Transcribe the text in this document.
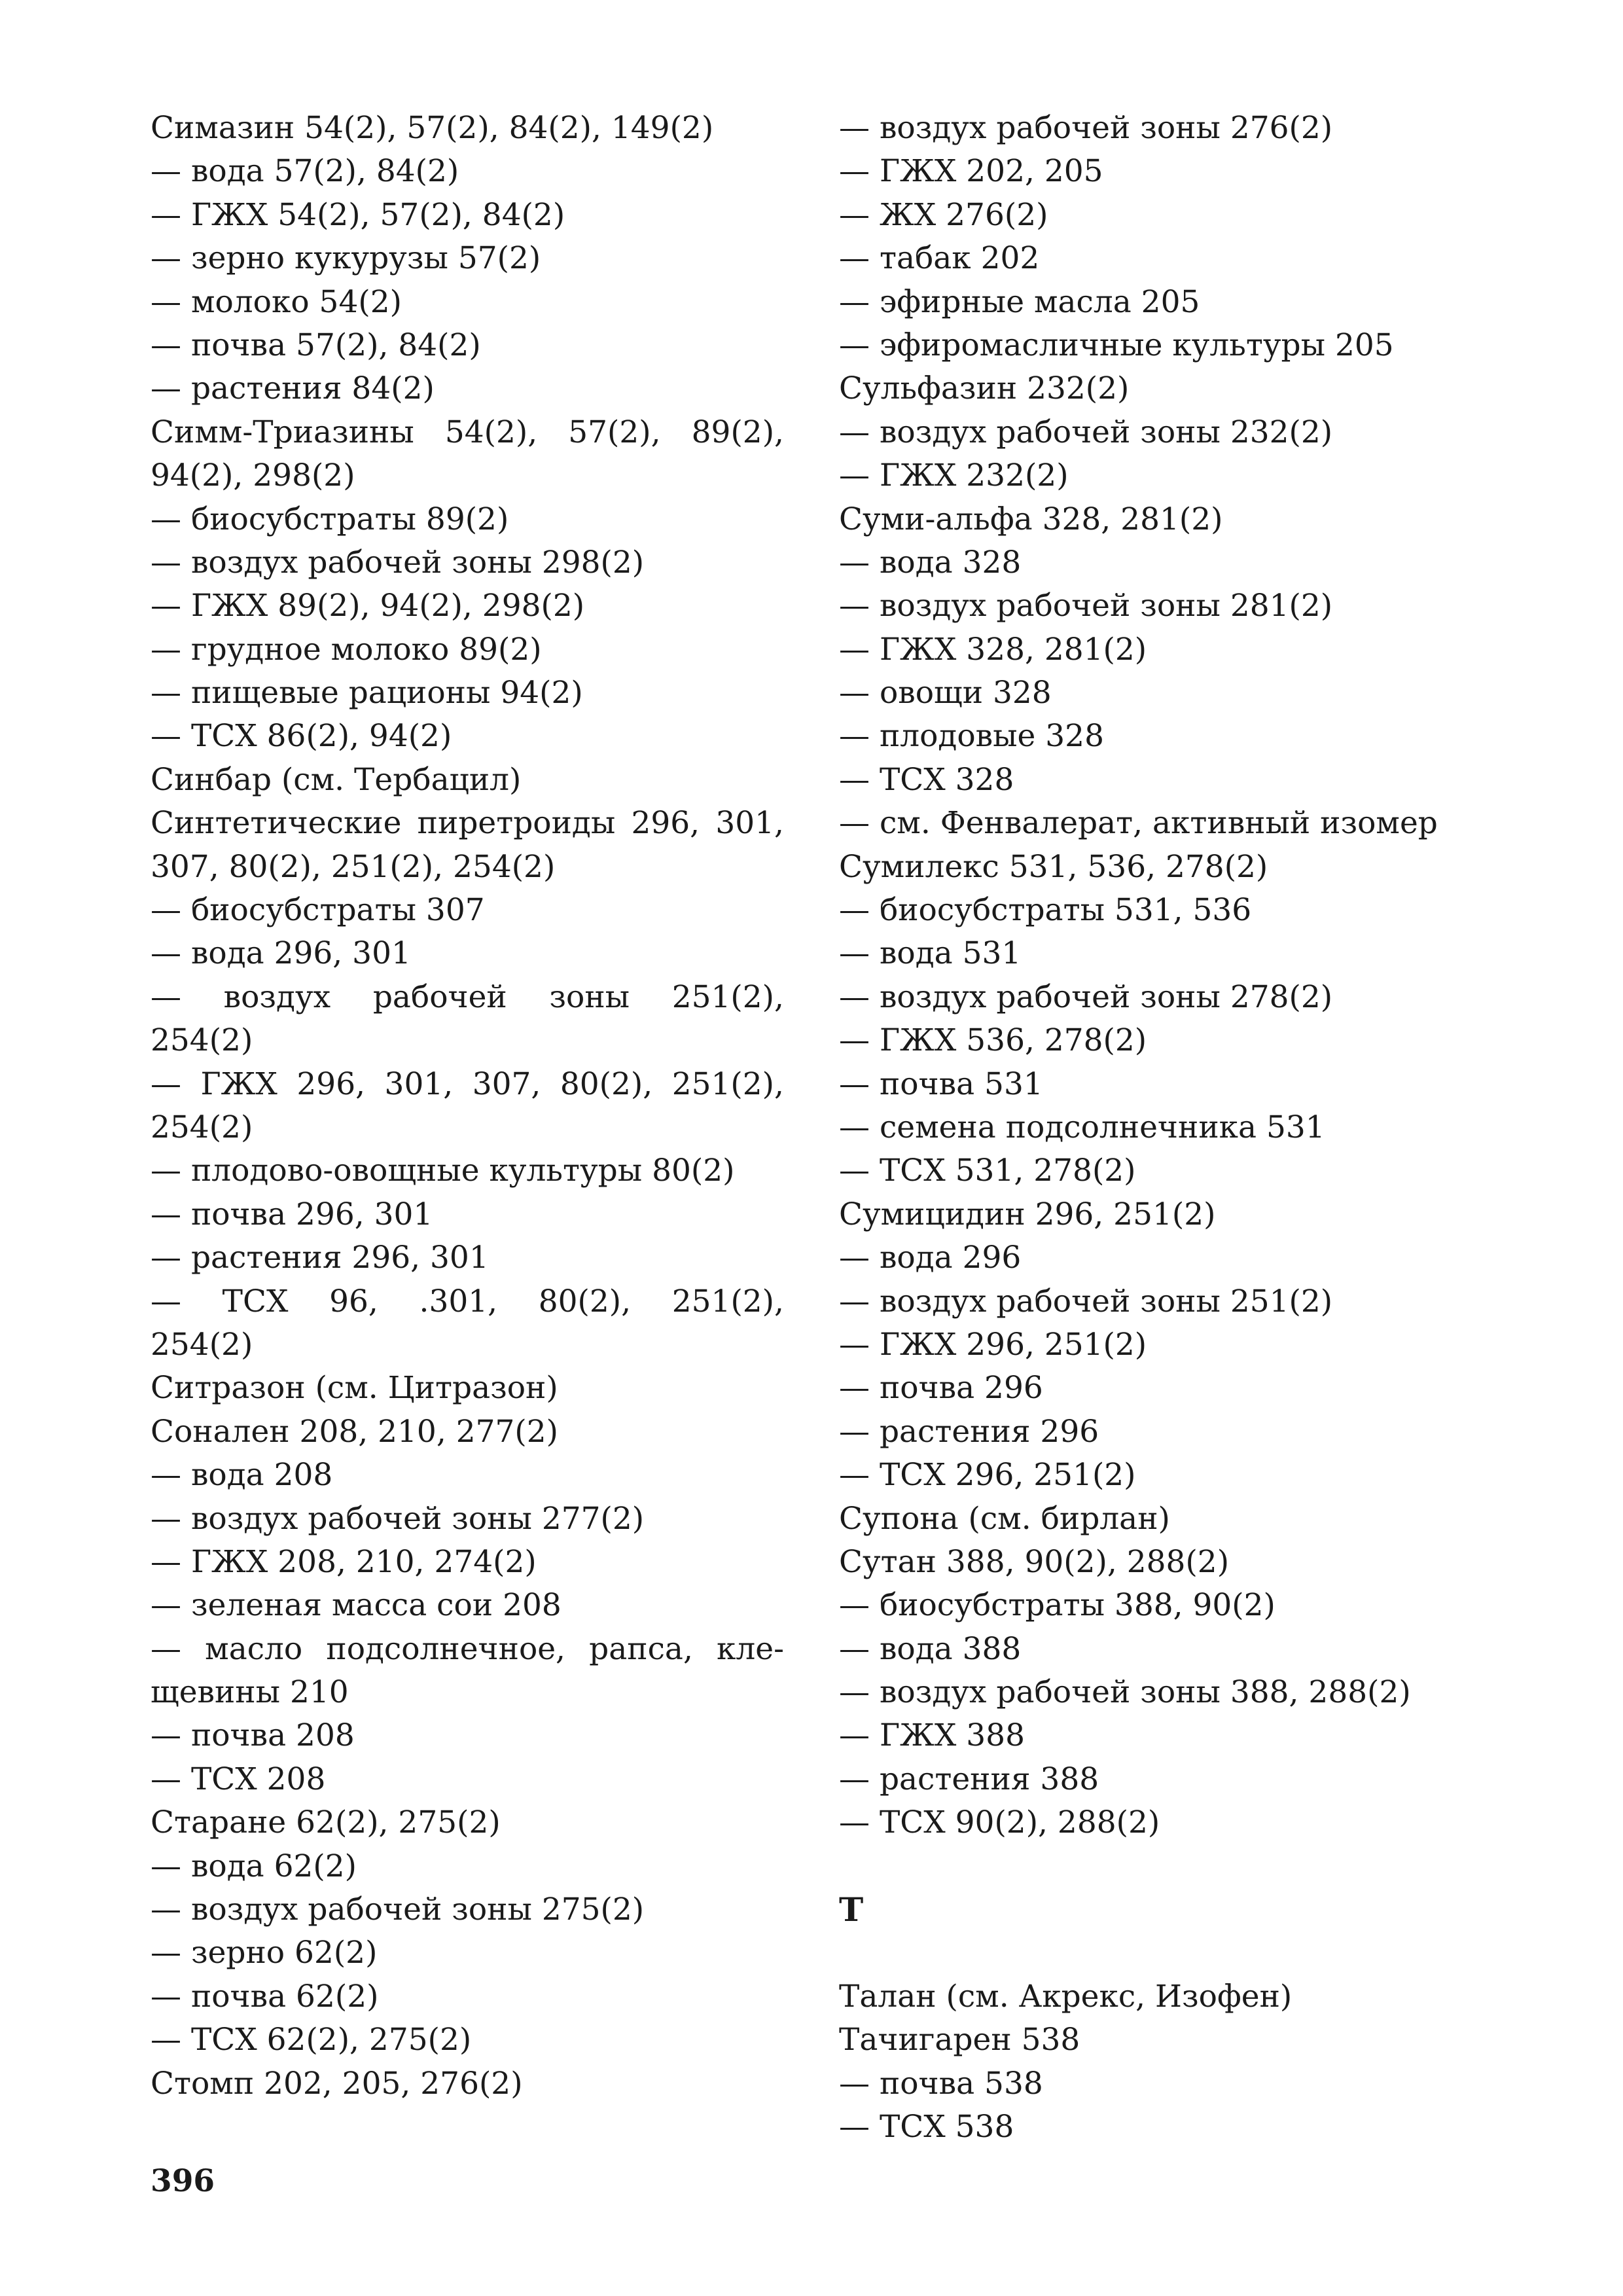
Симазин 54(2), 57(2), 84(2), 149(2)
— вода 57(2), 84(2)
— ГЖХ 54(2), 57(2), 84(2)
— зерно кукурузы 57(2)
— молоко 54(2)
— почва 57(2), 84(2)
— растения 84(2)
Симм-Триазины 54(2), 57(2), 89(2),
94(2), 298(2)
— биосубстраты 89(2)
— воздух рабочей зоны 298(2)
— ГЖХ 89(2), 94(2), 298(2)
— грудное молоко 89(2)
— пищевые рационы 94(2)
— ТСХ 86(2), 94(2)
Синбар (см. Тербацил)
Синтетические пиретроиды 296, 301,
307, 80(2), 251(2), 254(2)
— биосубстраты 307
— вода 296, 301
— воздух рабочей зоны 251(2),
254(2)
— ГЖХ 296, 301, 307, 80(2), 251(2),
254(2)
— плодово-овощные культуры 80(2)
— почва 296, 301
— растения 296, 301
— ТСХ 96, .301, 80(2), 251(2),
254(2)
Ситразон (см. Цитразон)
Соналeн 208, 210, 277(2)
— вода 208
— воздух рабочей зоны 277(2)
— ГЖХ 208, 210, 274(2)
— зеленая масса сои 208
— масло подсолнечное, рапса, кле-
щевины 210
— почва 208
— ТСХ 208
Старане 62(2), 275(2)
— вода 62(2)
— воздух рабочей зоны 275(2)
— зерно 62(2)
— почва 62(2)
— ТСХ 62(2), 275(2)
Стомп 202, 205, 276(2)
— воздух рабочей зоны 276(2)
— ГЖХ 202, 205
— ЖХ 276(2)
— табак 202
— эфирные масла 205
— эфиромасличные культуры 205
Сульфазин 232(2)
— воздух рабочей зоны 232(2)
— ГЖХ 232(2)
Суми-альфа 328, 281(2)
— вода 328
— воздух рабочей зоны 281(2)
— ГЖХ 328, 281(2)
— овощи 328
— плодовые 328
— ТСХ 328
— см. Фенвалерат, активный изомер
Сумилекс 531, 536, 278(2)
— биосубстраты 531, 536
— вода 531
— воздух рабочей зоны 278(2)
— ГЖХ 536, 278(2)
— почва 531
— семена подсолнечника 531
— ТСХ 531, 278(2)
Сумицидин 296, 251(2)
— вода 296
— воздух рабочей зоны 251(2)
— ГЖХ 296, 251(2)
— почва 296
— растения 296
— ТСХ 296, 251(2)
Супона (см. бирлан)
Сутан 388, 90(2), 288(2)
— биосубстраты 388, 90(2)
— вода 388
— воздух рабочей зоны 388, 288(2)
— ГЖХ 388
— растения 388
— ТСХ 90(2), 288(2)
Т
Талан (см. Акрекс, Изофен)
Тачигарен 538
— почва 538
— ТСХ 538
396
